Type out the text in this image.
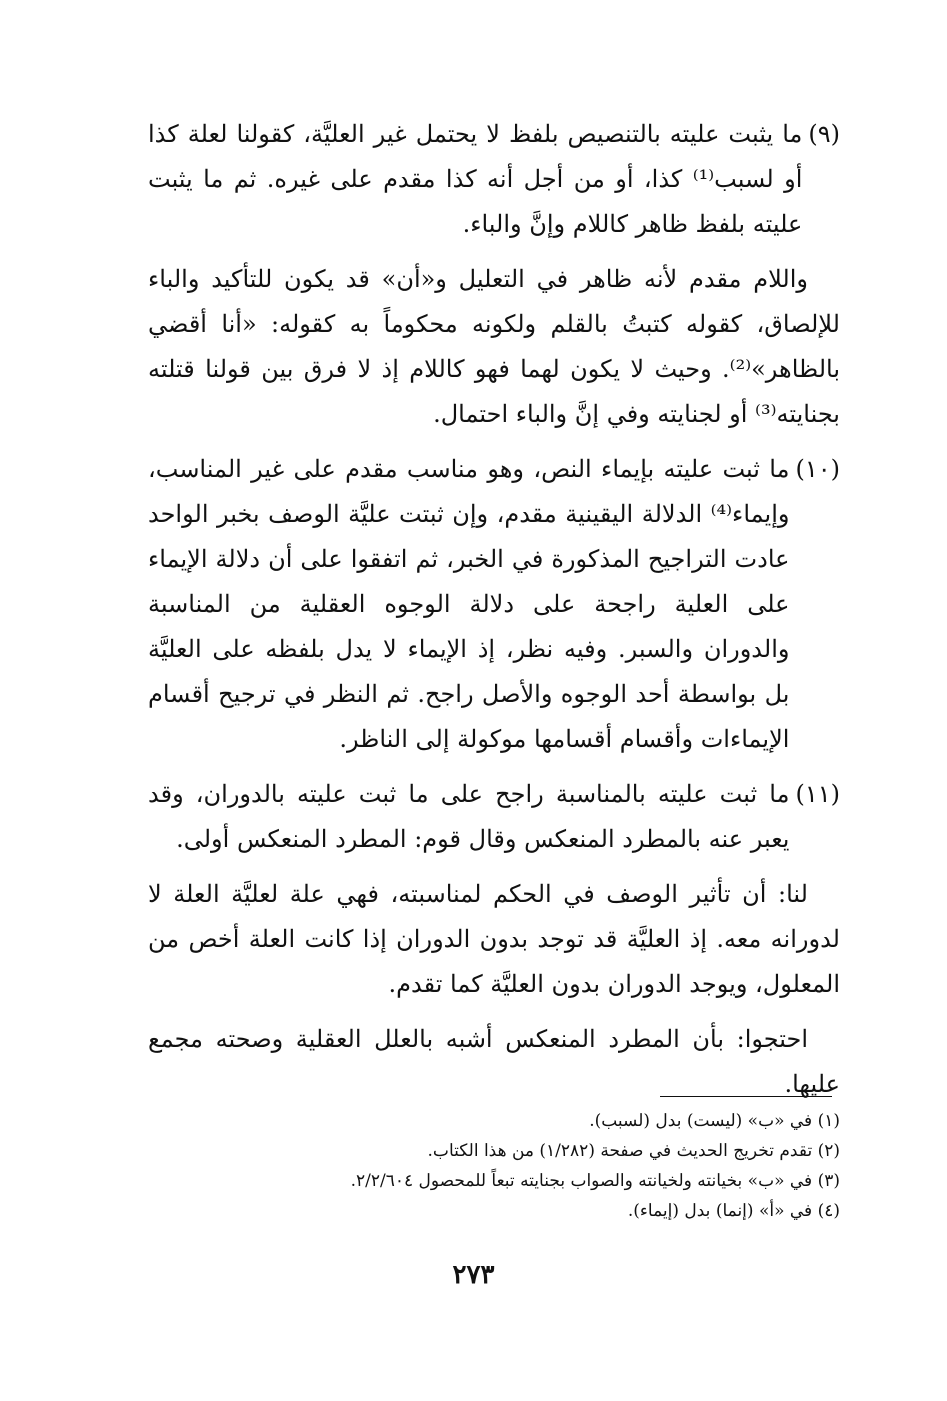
(٩)
ما يثبت عليته بالتنصيص بلفظ لا يحتمل غير العليَّة، كقولنا لعلة كذا أو لسبب⁽¹⁾ كذا، أو من أجل أنه كذا مقدم على غيره. ثم ما يثبت عليته بلفظ ظاهر كاللام وإنَّ والباء.

واللام مقدم لأنه ظاهر في التعليل و«أن» قد يكون للتأكيد والباء للإلصاق، كقوله كتبتُ بالقلم ولكونه محكوماً به كقوله: «أنا أقضي بالظاهر»⁽²⁾. وحيث لا يكون لهما فهو كاللام إذ لا فرق بين قولنا قتلته بجنايته⁽³⁾ أو لجنايته وفي إنَّ والباء احتمال.

(١٠)
ما ثبت عليته بإيماء النص، وهو مناسب مقدم على غير المناسب، وإيماء⁽⁴⁾ الدلالة اليقينية مقدم، وإن ثبتت عليَّة الوصف بخبر الواحد عادت التراجيح المذكورة في الخبر، ثم اتفقوا على أن دلالة الإيماء على العلية راجحة على دلالة الوجوه العقلية من المناسبة والدوران والسبر. وفيه نظر، إذ الإيماء لا يدل بلفظه على العليَّة بل بواسطة أحد الوجوه والأصل راجح. ثم النظر في ترجيح أقسام الإيماءات وأقسام أقسامها موكولة إلى الناظر.
(١١)
ما ثبت عليته بالمناسبة راجح على ما ثبت عليته بالدوران، وقد يعبر عنه بالمطرد المنعكس وقال قوم: المطرد المنعكس أولى.

لنا: أن تأثير الوصف في الحكم لمناسبته، فهي علة لعليَّة العلة لا لدورانه معه. إذ العليَّة قد توجد بدون الدوران إذا كانت العلة أخص من المعلول، ويوجد الدوران بدون العليَّة كما تقدم.

احتجوا: بأن المطرد المنعكس أشبه بالعلل العقلية وصحته مجمع عليها.

(١) في «ب» (ليست) بدل (لسبب).

(٢) تقدم تخريج الحديث في صفحة (١/٢٨٢) من هذا الكتاب.

(٣) في «ب» بخيانته ولخيانته والصواب بجنايته تبعاً للمحصول ٢/٢/٦٠٤.

(٤) في «أ» (إنما) بدل (إيماء).

٢٧٣
